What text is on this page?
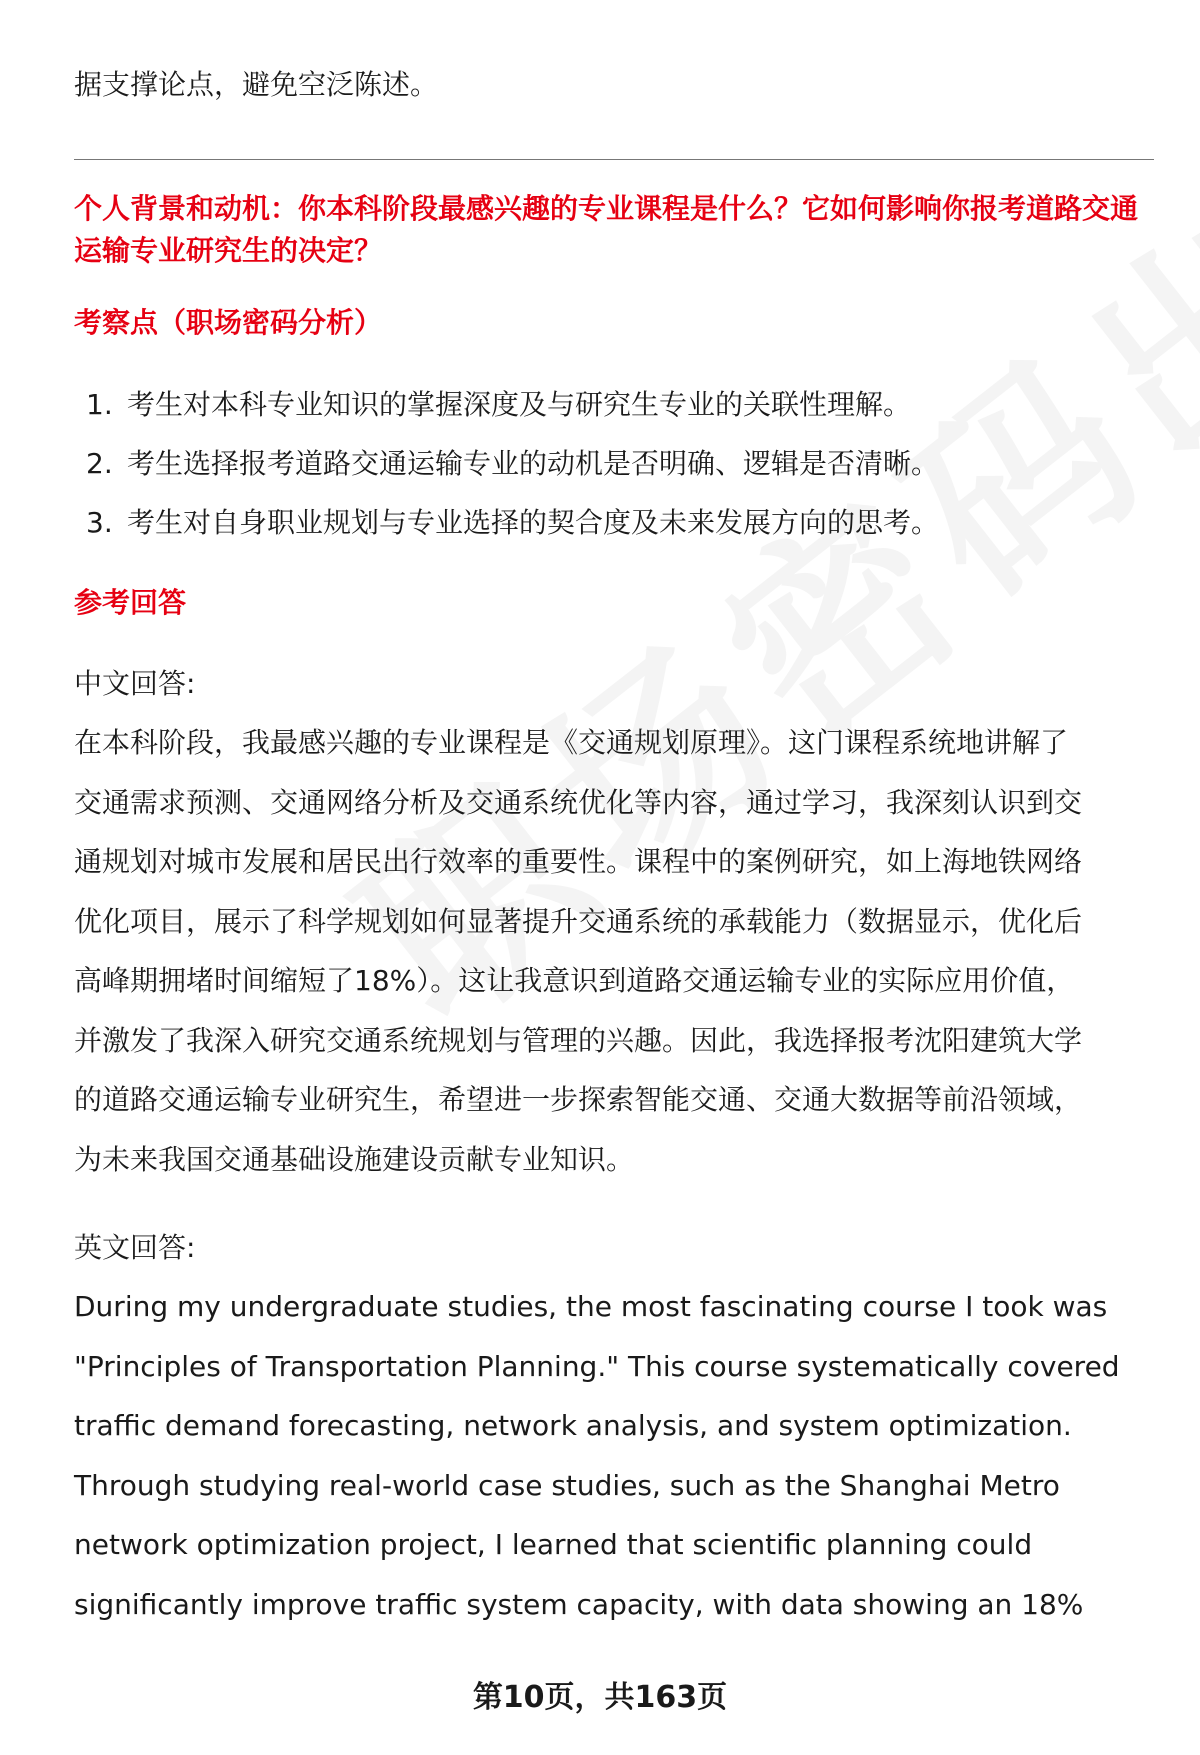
据支撑论点，避免空泛陈述。

个人背景和动机：你本科阶段最感兴趣的专业课程是什么？它如何影响你报考道路交通运输专业研究生的决定？

考察点（职场密码分析）

1. 考生对本科专业知识的掌握深度及与研究生专业的关联性理解。
2. 考生选择报考道路交通运输专业的动机是否明确、逻辑是否清晰。
3. 考生对自身职业规划与专业选择的契合度及未来发展方向的思考。

参考回答

中文回答:

在本科阶段，我最感兴趣的专业课程是《交通规划原理》。这门课程系统地讲解了

交通需求预测、交通网络分析及交通系统优化等内容，通过学习，我深刻认识到交

通规划对城市发展和居民出行效率的重要性。课程中的案例研究，如上海地铁网络

优化项目，展示了科学规划如何显著提升交通系统的承载能力（数据显示，优化后

高峰期拥堵时间缩短了18%）。这让我意识到道路交通运输专业的实际应用价值，

并激发了我深入研究交通系统规划与管理的兴趣。因此，我选择报考沈阳建筑大学

的道路交通运输专业研究生，希望进一步探索智能交通、交通大数据等前沿领域，

为未来我国交通基础设施建设贡献专业知识。

英文回答:

During my undergraduate studies, the most fascinating course I took was

"Principles of Transportation Planning." This course systematically covered

traffic demand forecasting, network analysis, and system optimization.

Through studying real-world case studies, such as the Shanghai Metro

network optimization project, I learned that scientific planning could

significantly improve traffic system capacity, with data showing an 18%

第10页，共163页
